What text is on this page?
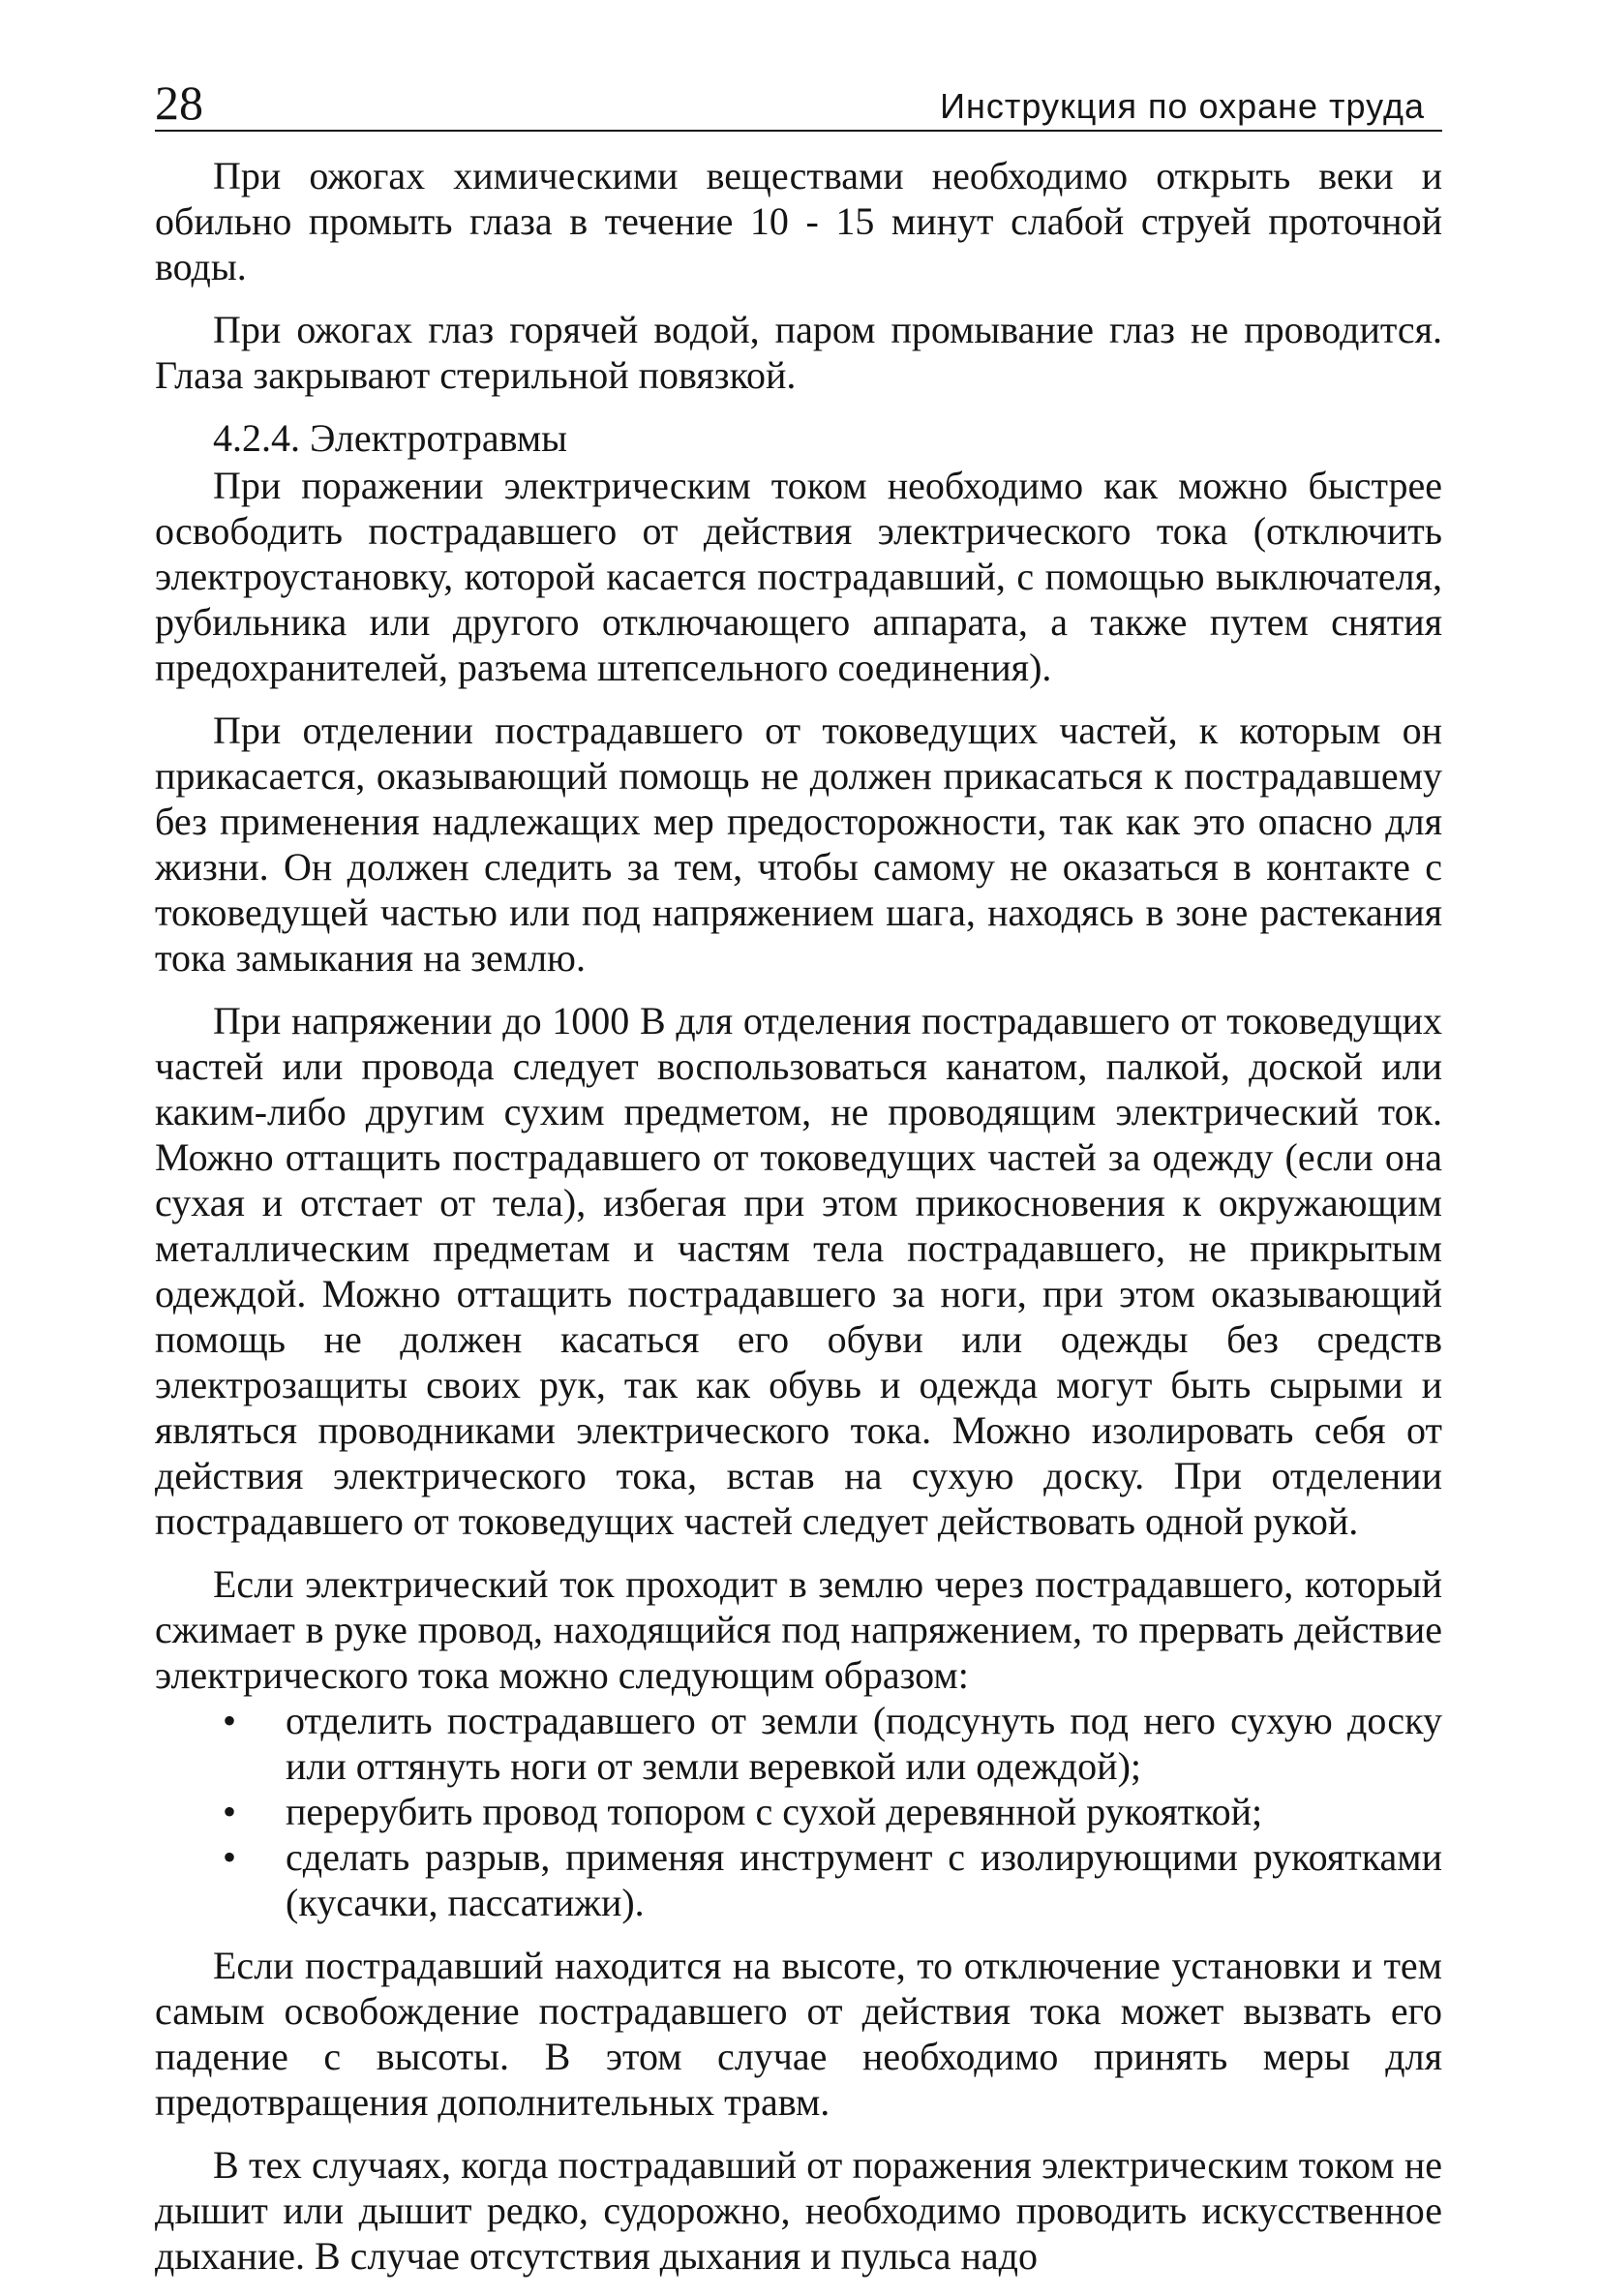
28	Инструкция по охране труда

При ожогах химическими веществами необходимо открыть веки и обильно промыть глаза в течение 10 - 15 минут слабой струей проточной воды.

При ожогах глаз горячей водой, паром промывание глаз не проводится. Глаза закрывают стерильной повязкой.

4.2.4. Электротравмы

При поражении электрическим током необходимо как можно быстрее освободить пострадавшего от действия электрического тока (отключить электроустановку, которой касается пострадавший, с помощью выключателя, рубильника или другого отключающего аппарата, а также путем снятия предохранителей, разъема штепсельного соединения).

При отделении пострадавшего от токоведущих частей, к которым он прикасается, оказывающий помощь не должен прикасаться к пострадавшему без применения надлежащих мер предосторожности, так как это опасно для жизни. Он должен следить за тем, чтобы самому не оказаться в контакте с токоведущей частью или под напряжением шага, находясь в зоне растекания тока замыкания на землю.

При напряжении до 1000 В для отделения пострадавшего от токоведущих частей или провода следует воспользоваться канатом, палкой, доской или каким-либо другим сухим предметом, не проводящим электрический ток. Можно оттащить пострадавшего от токоведущих частей за одежду (если она сухая и отстает от тела), избегая при этом прикосновения к окружающим металлическим предметам и частям тела пострадавшего, не прикрытым одеждой. Можно оттащить пострадавшего за ноги, при этом оказывающий помощь не должен касаться его обуви или одежды без средств электрозащиты своих рук, так как обувь и одежда могут быть сырыми и являться проводниками электрического тока. Можно изолировать себя от действия электрического тока, встав на сухую доску. При отделении пострадавшего от токоведущих частей следует действовать одной рукой.

Если электрический ток проходит в землю через пострадавшего, который сжимает в руке провод, находящийся под напряжением, то прервать действие электрического тока можно следующим образом:

• отделить пострадавшего от земли (подсунуть под него сухую доску или оттянуть ноги от земли веревкой или одеждой);
• перерубить провод топором с сухой деревянной рукояткой;
• сделать разрыв, применяя инструмент с изолирующими рукоятками (кусачки, пассатижи).

Если пострадавший находится на высоте, то отключение установки и тем самым освобождение пострадавшего от действия тока может вызвать его падение с высоты. В этом случае необходимо принять меры для предотвращения дополнительных травм.

В тех случаях, когда пострадавший от поражения электрическим током не дышит или дышит редко, судорожно, необходимо проводить искусственное дыхание. В случае отсутствия дыхания и пульса надо
